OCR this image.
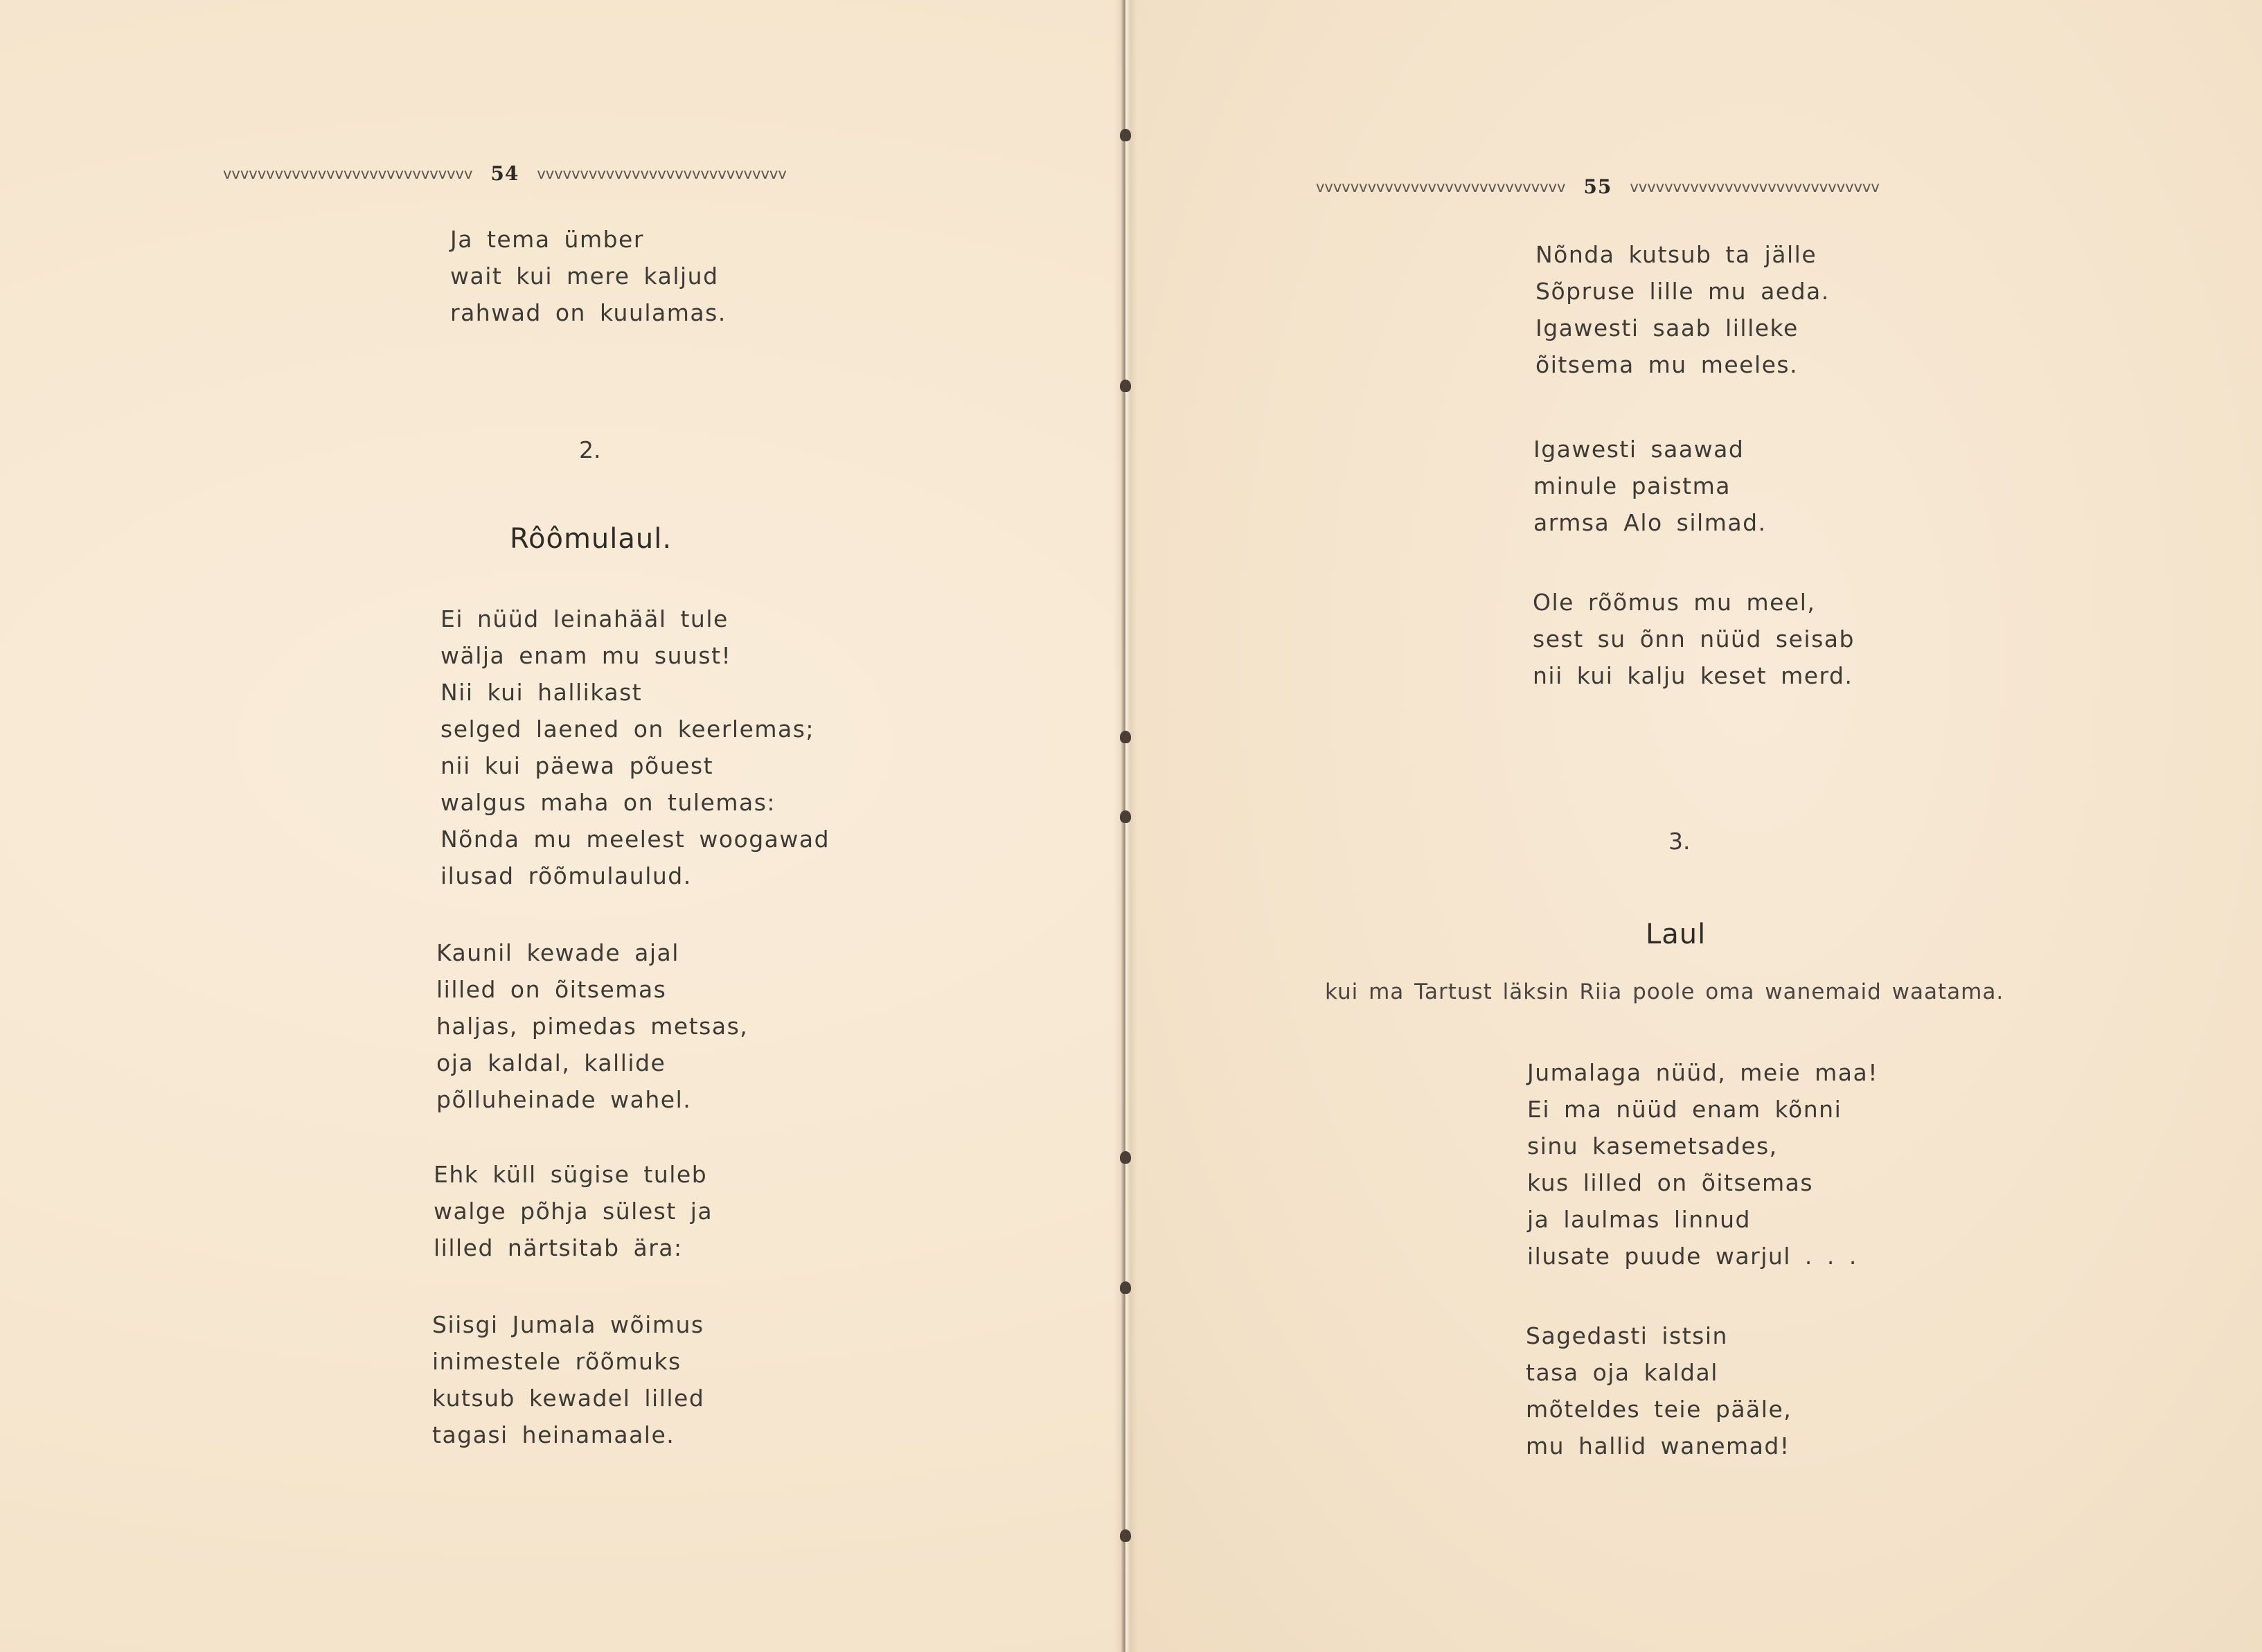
vvvvvvvvvvvvvvvvvvvvvvvvvvvvv 54 vvvvvvvvvvvvvvvvvvvvvvvvvvvvv
Ja tema ümber
wait kui mere kaljud
rahwad on kuulamas.
2.
Rôômulaul.
Ei nüüd leinahääl tule
wälja enam mu suust!
Nii kui hallikast
selged laened on keerlemas;
nii kui päewa põuest
walgus maha on tulemas:
Nõnda mu meelest woogawad
ilusad rõõmulaulud.
Kaunil kewade ajal
lilled on õitsemas
haljas, pimedas metsas,
oja kaldal, kallide
põlluheinade wahel.
Ehk küll sügise tuleb
walge põhja sülest ja
lilled närtsitab ära:
Siisgi Jumala wõimus
inimestele rõõmuks
kutsub kewadel lilled
tagasi heinamaale.
vvvvvvvvvvvvvvvvvvvvvvvvvvvvv 55 vvvvvvvvvvvvvvvvvvvvvvvvvvvvv
Nõnda kutsub ta jälle
Sõpruse lille mu aeda.
Igawesti saab lilleke
õitsema mu meeles.
Igawesti saawad
minule paistma
armsa Alo silmad.
Ole rõõmus mu meel,
sest su õnn nüüd seisab
nii kui kalju keset merd.
3.
Laul
kui ma Tartust läksin Riia poole oma wanemaid waatama.
Jumalaga nüüd, meie maa!
Ei ma nüüd enam kõnni
sinu kasemetsades,
kus lilled on õitsemas
ja laulmas linnud
ilusate puude warjul . . .
Sagedasti istsin
tasa oja kaldal
mõteldes teie pääle,
mu hallid wanemad!
